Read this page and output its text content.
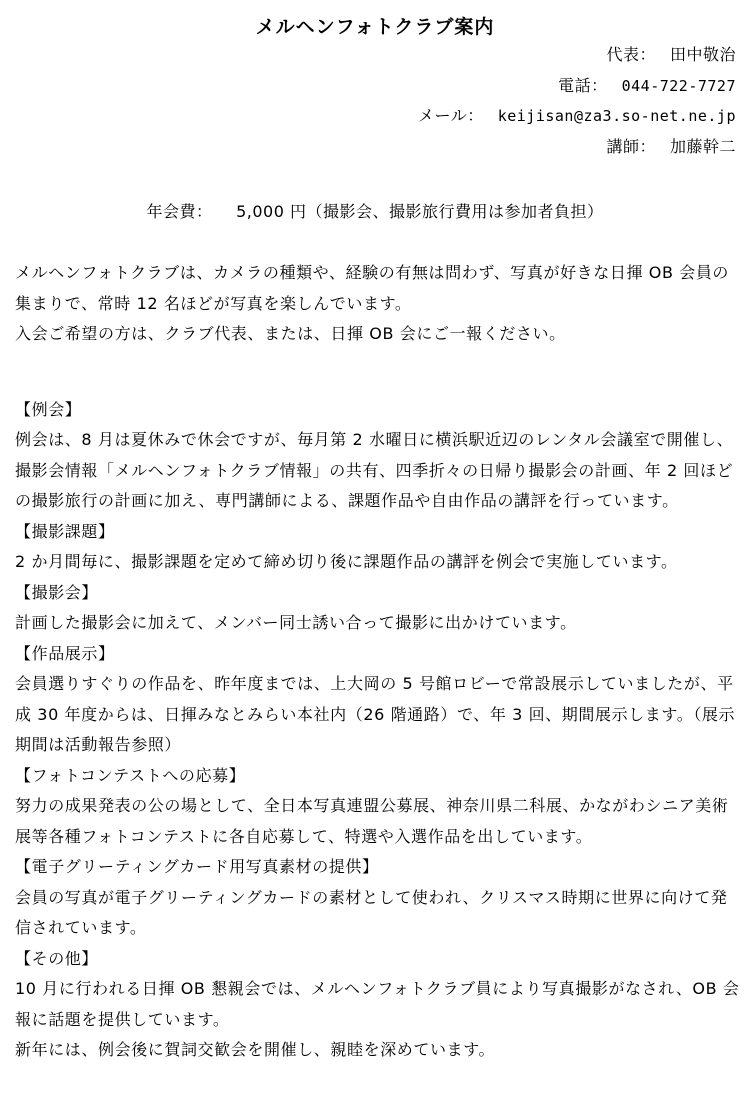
メルヘンフォトクラブ案内
代表： 田中敬治
電話： 044-722-7727
メール： keijisan@za3.so-net.ne.jp
講師： 加藤幹二
年会費： 5,000 円（撮影会、撮影旅行費用は参加者負担）

メルヘンフォトクラブは、カメラの種類や、経験の有無は問わず、写真が好きな日揮 OB 会員の集まりで、常時 12 名ほどが写真を楽しんでいます。

入会ご希望の方は、クラブ代表、または、日揮 OB 会にご一報ください。

【例会】

例会は、8 月は夏休みで休会ですが、毎月第 2 水曜日に横浜駅近辺のレンタル会議室で開催し、撮影会情報「メルヘンフォトクラブ情報」の共有、四季折々の日帰り撮影会の計画、年 2 回ほどの撮影旅行の計画に加え、専門講師による、課題作品や自由作品の講評を行っています。

【撮影課題】

2 か月間毎に、撮影課題を定めて締め切り後に課題作品の講評を例会で実施しています。

【撮影会】

計画した撮影会に加えて、メンバー同士誘い合って撮影に出かけています。

【作品展示】

会員選りすぐりの作品を、昨年度までは、上大岡の 5 号館ロビーで常設展示していましたが、平成 30 年度からは、日揮みなとみらい本社内（26 階通路）で、年 3 回、期間展示します。（展示期間は活動報告参照）

【フォトコンテストへの応募】

努力の成果発表の公の場として、全日本写真連盟公募展、神奈川県二科展、かながわシニア美術展等各種フォトコンテストに各自応募して、特選や入選作品を出しています。

【電子グリーティングカード用写真素材の提供】

会員の写真が電子グリーティングカードの素材として使われ、クリスマス時期に世界に向けて発信されています。

【その他】

10 月に行われる日揮 OB 懇親会では、メルヘンフォトクラブ員により写真撮影がなされ、OB 会報に話題を提供しています。

新年には、例会後に賀詞交歓会を開催し、親睦を深めています。
